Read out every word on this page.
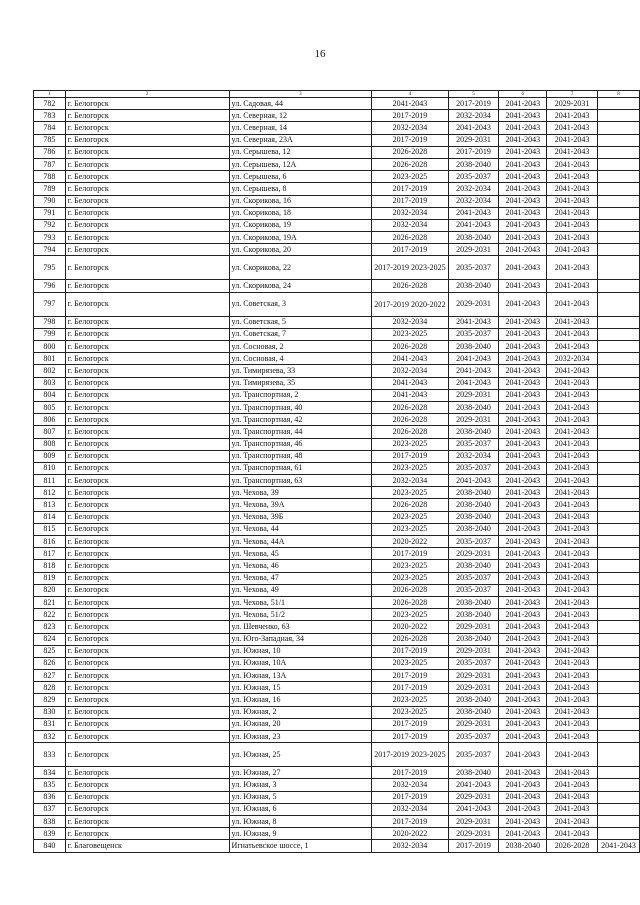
16
1	2	3	4	5	6	7	8
782	г. Белогорск	ул. Садовая, 44	2041-2043	2017-2019	2041-2043	2029-2031	
783	г. Белогорск	ул. Северная, 12	2017-2019	2032-2034	2041-2043	2041-2043	
784	г. Белогорск	ул. Северная, 14	2032-2034	2041-2043	2041-2043	2041-2043	
785	г. Белогорск	ул. Северная, 23А	2017-2019	2029-2031	2041-2043	2041-2043	
786	г. Белогорск	ул. Серышева, 12	2026-2028	2017-2019	2041-2043	2041-2043	
787	г. Белогорск	ул. Серышева, 12А	2026-2028	2038-2040	2041-2043	2041-2043	
788	г. Белогорск	ул. Серышева, 6	2023-2025	2035-2037	2041-2043	2041-2043	
789	г. Белогорск	ул. Серышева, 8	2017-2019	2032-2034	2041-2043	2041-2043	
790	г. Белогорск	ул. Скорикова, 16	2017-2019	2032-2034	2041-2043	2041-2043	
791	г. Белогорск	ул. Скорикова, 18	2032-2034	2041-2043	2041-2043	2041-2043	
792	г. Белогорск	ул. Скорикова, 19	2032-2034	2041-2043	2041-2043	2041-2043	
793	г. Белогорск	ул. Скорикова, 19А	2026-2028	2038-2040	2041-2043	2041-2043	
794	г. Белогорск	ул. Скорикова, 20	2017-2019	2029-2031	2041-2043	2041-2043	
795	г. Белогорск	ул. Скорикова, 22	2017-2019 2023-2025	2035-2037	2041-2043	2041-2043	
796	г. Белогорск	ул. Скорикова, 24	2026-2028	2038-2040	2041-2043	2041-2043	
797	г. Белогорск	ул. Советская, 3	2017-2019 2020-2022	2029-2031	2041-2043	2041-2043	
798	г. Белогорск	ул. Советская, 5	2032-2034	2041-2043	2041-2043	2041-2043	
799	г. Белогорск	ул. Советская, 7	2023-2025	2035-2037	2041-2043	2041-2043	
800	г. Белогорск	ул. Сосновая, 2	2026-2028	2038-2040	2041-2043	2041-2043	
801	г. Белогорск	ул. Сосновая, 4	2041-2043	2041-2043	2041-2043	2032-2034	
802	г. Белогорск	ул. Тимирязева, 33	2032-2034	2041-2043	2041-2043	2041-2043	
803	г. Белогорск	ул. Тимирязева, 35	2041-2043	2041-2043	2041-2043	2041-2043	
804	г. Белогорск	ул. Транспортная, 2	2041-2043	2029-2031	2041-2043	2041-2043	
805	г. Белогорск	ул. Транспортная, 40	2026-2028	2038-2040	2041-2043	2041-2043	
806	г. Белогорск	ул. Транспортная, 42	2026-2028	2029-2031	2041-2043	2041-2043	
807	г. Белогорск	ул. Транспортная, 44	2026-2028	2038-2040	2041-2043	2041-2043	
808	г. Белогорск	ул. Транспортная, 46	2023-2025	2035-2037	2041-2043	2041-2043	
809	г. Белогорск	ул. Транспортная, 48	2017-2019	2032-2034	2041-2043	2041-2043	
810	г. Белогорск	ул. Транспортная, 61	2023-2025	2035-2037	2041-2043	2041-2043	
811	г. Белогорск	ул. Транспортная, 63	2032-2034	2041-2043	2041-2043	2041-2043	
812	г. Белогорск	ул. Чехова, 39	2023-2025	2038-2040	2041-2043	2041-2043	
813	г. Белогорск	ул. Чехова, 39А	2026-2028	2038-2040	2041-2043	2041-2043	
814	г. Белогорск	ул. Чехова, 39Б	2023-2025	2038-2040	2041-2043	2041-2043	
815	г. Белогорск	ул. Чехова, 44	2023-2025	2038-2040	2041-2043	2041-2043	
816	г. Белогорск	ул. Чехова, 44А	2020-2022	2035-2037	2041-2043	2041-2043	
817	г. Белогорск	ул. Чехова, 45	2017-2019	2029-2031	2041-2043	2041-2043	
818	г. Белогорск	ул. Чехова, 46	2023-2025	2038-2040	2041-2043	2041-2043	
819	г. Белогорск	ул. Чехова, 47	2023-2025	2035-2037	2041-2043	2041-2043	
820	г. Белогорск	ул. Чехова, 49	2026-2028	2035-2037	2041-2043	2041-2043	
821	г. Белогорск	ул. Чехова, 51/1	2026-2028	2038-2040	2041-2043	2041-2043	
822	г. Белогорск	ул. Чехова, 51/2	2023-2025	2038-2040	2041-2043	2041-2043	
823	г. Белогорск	ул. Шевченко, 63	2020-2022	2029-2031	2041-2043	2041-2043	
824	г. Белогорск	ул. Юго-Западная, 34	2026-2028	2038-2040	2041-2043	2041-2043	
825	г. Белогорск	ул. Южная, 10	2017-2019	2029-2031	2041-2043	2041-2043	
826	г. Белогорск	ул. Южная, 10А	2023-2025	2035-2037	2041-2043	2041-2043	
827	г. Белогорск	ул. Южная, 13А	2017-2019	2029-2031	2041-2043	2041-2043	
828	г. Белогорск	ул. Южная, 15	2017-2019	2029-2031	2041-2043	2041-2043	
829	г. Белогорск	ул. Южная, 16	2023-2025	2038-2040	2041-2043	2041-2043	
830	г. Белогорск	ул. Южная, 2	2023-2025	2038-2040	2041-2043	2041-2043	
831	г. Белогорск	ул. Южная, 20	2017-2019	2029-2031	2041-2043	2041-2043	
832	г. Белогорск	ул. Южная, 23	2017-2019	2035-2037	2041-2043	2041-2043	
833	г. Белогорск	ул. Южная, 25	2017-2019 2023-2025	2035-2037	2041-2043	2041-2043	
834	г. Белогорск	ул. Южная, 27	2017-2019	2038-2040	2041-2043	2041-2043	
835	г. Белогорск	ул. Южная, 3	2032-2034	2041-2043	2041-2043	2041-2043	
836	г. Белогорск	ул. Южная, 5	2017-2019	2029-2031	2041-2043	2041-2043	
837	г. Белогорск	ул. Южная, 6	2032-2034	2041-2043	2041-2043	2041-2043	
838	г. Белогорск	ул. Южная, 8	2017-2019	2029-2031	2041-2043	2041-2043	
839	г. Белогорск	ул. Южная, 9	2020-2022	2029-2031	2041-2043	2041-2043	
840	г. Благовещенск	Игнатьевское шоссе, 1	2032-2034	2017-2019	2038-2040	2026-2028	2041-2043
